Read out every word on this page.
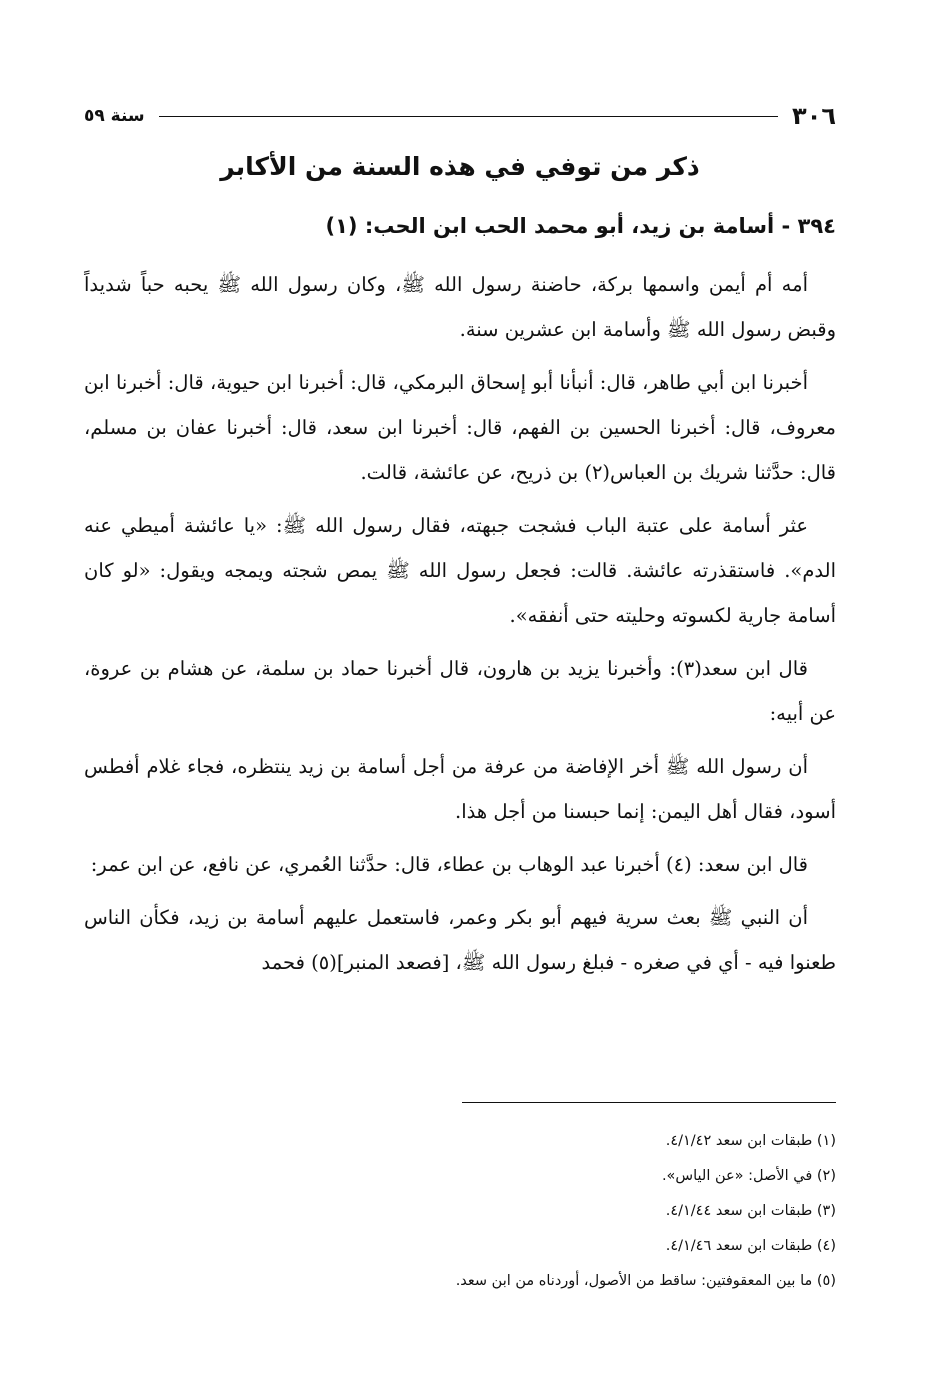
٣٠٦
سنة ٥٩
ذكر من توفي في هذه السنة من الأكابر
٣٩٤ - أسامة بن زيد، أبو محمد الحب ابن الحب: (١)

أمه أم أيمن واسمها بركة، حاضنة رسول الله ﷺ، وكان رسول الله ﷺ يحبه حباً شديداً وقبض رسول الله ﷺ وأسامة ابن عشرين سنة.

أخبرنا ابن أبي طاهر، قال: أنبأنا أبو إسحاق البرمكي، قال: أخبرنا ابن حيوية، قال: أخبرنا ابن معروف، قال: أخبرنا الحسين بن الفهم، قال: أخبرنا ابن سعد، قال: أخبرنا عفان بن مسلم، قال: حدَّثنا شريك بن العباس(٢) بن ذريح، عن عائشة، قالت.

عثر أسامة على عتبة الباب فشجت جبهته، فقال رسول الله ﷺ: «يا عائشة أميطي عنه الدم». فاستقذرته عائشة. قالت: فجعل رسول الله ﷺ يمص شجته ويمجه ويقول: «لو كان أسامة جارية لكسوته وحليته حتى أنفقه».

قال ابن سعد(٣): وأخبرنا يزيد بن هارون، قال أخبرنا حماد بن سلمة، عن هشام بن عروة، عن أبيه:

أن رسول الله ﷺ أخر الإفاضة من عرفة من أجل أسامة بن زيد ينتظره، فجاء غلام أفطس أسود، فقال أهل اليمن: إنما حبسنا من أجل هذا.

قال ابن سعد: (٤) أخبرنا عبد الوهاب بن عطاء، قال: حدَّثنا العُمري، عن نافع، عن ابن عمر:

أن النبي ﷺ بعث سرية فيهم أبو بكر وعمر، فاستعمل عليهم أسامة بن زيد، فكأن الناس طعنوا فيه - أي في صغره - فبلغ رسول الله ﷺ، [فصعد المنبر](٥) فحمد

(١) طبقات ابن سعد ٤/١/٤٢.
(٢) في الأصل: «عن الياس».
(٣) طبقات ابن سعد ٤/١/٤٤.
(٤) طبقات ابن سعد ٤/١/٤٦.
(٥) ما بين المعقوفتين: ساقط من الأصول، أوردناه من ابن سعد.
